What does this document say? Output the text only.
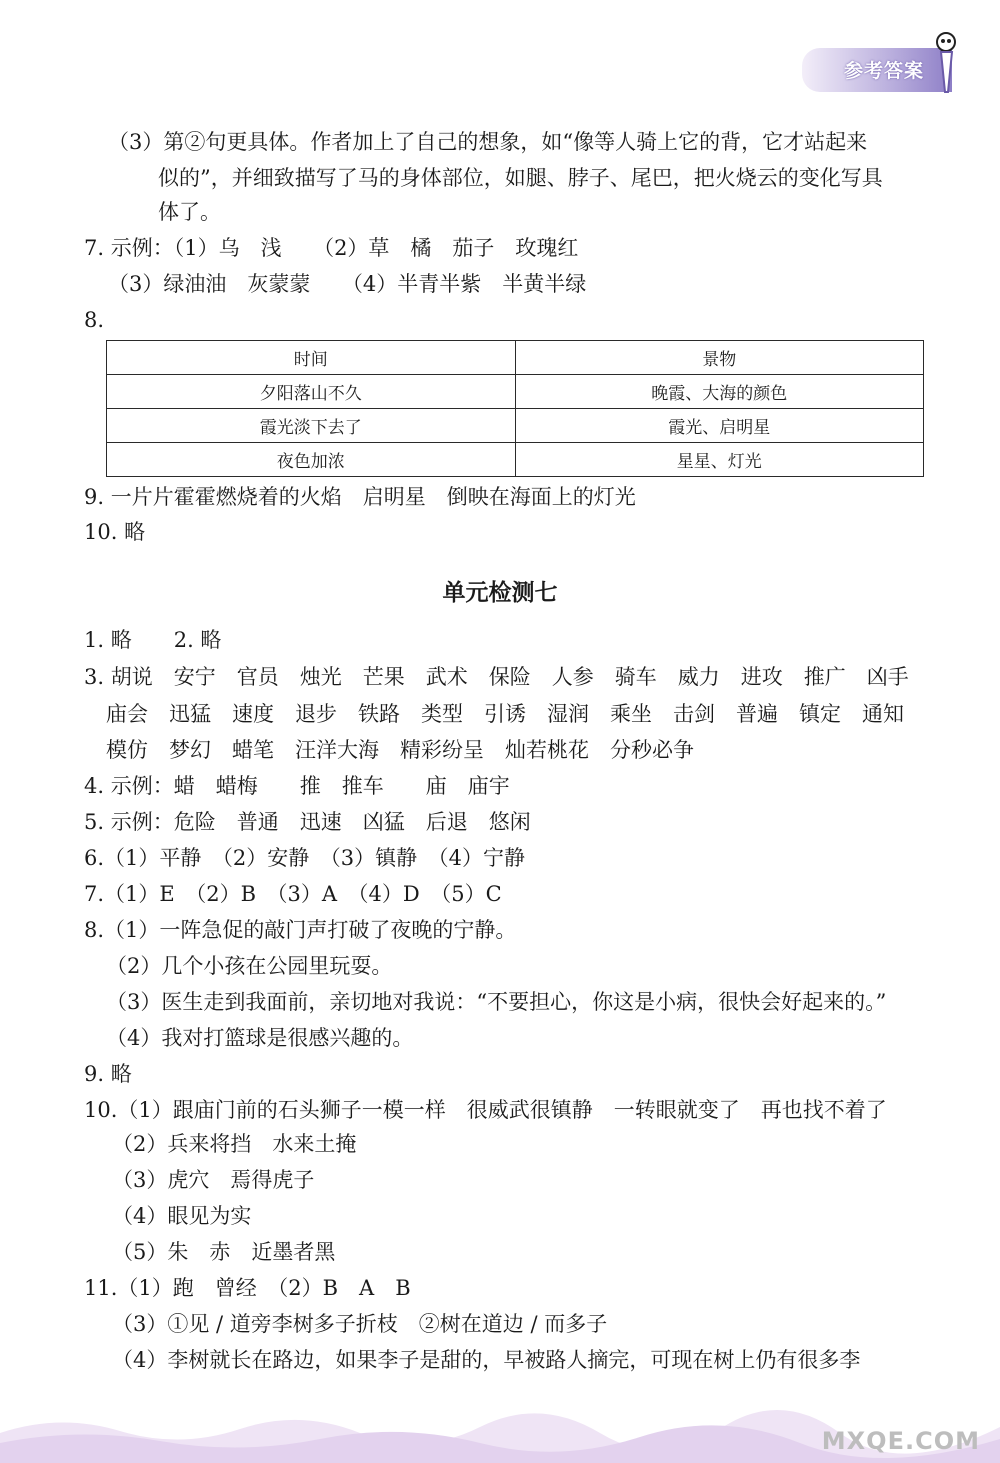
参考答案
（3）第②句更具体。作者加上了自己的想象，如“像等人骑上它的背，它才站起来
似的”，并细致描写了马的身体部位，如腿、脖子、尾巴，把火烧云的变化写具
体了。
7. 示例：（1）乌　浅　　（2）草　橘　茄子　玫瑰红
（3）绿油油　灰蒙蒙　　（4）半青半紫　半黄半绿
8.
时间	景物
夕阳落山不久	晚霞、大海的颜色
霞光淡下去了	霞光、启明星
夜色加浓	星星、灯光
9. 一片片霍霍燃烧着的火焰　启明星　倒映在海面上的灯光
10. 略
单元检测七
1. 略　　2. 略
3. 胡说　安宁　官员　烛光　芒果　武术　保险　人参　骑车　威力　进攻　推广　凶手
庙会　迅猛　速度　退步　铁路　类型　引诱　湿润　乘坐　击剑　普遍　镇定　通知
模仿　梦幻　蜡笔　汪洋大海　精彩纷呈　灿若桃花　分秒必争
4. 示例：蜡　蜡梅　　推　推车　　庙　庙宇
5. 示例：危险　普通　迅速　凶猛　后退　悠闲
6.（1）平静　（2）安静　（3）镇静　（4）宁静
7.（1）E　（2）B　（3）A　（4）D　（5）C
8.（1）一阵急促的敲门声打破了夜晚的宁静。
（2）几个小孩在公园里玩耍。
（3）医生走到我面前，亲切地对我说：“不要担心，你这是小病，很快会好起来的。”
（4）我对打篮球是很感兴趣的。
9. 略
10.（1）跟庙门前的石头狮子一模一样　很威武很镇静　一转眼就变了　再也找不着了
（2）兵来将挡　水来土掩
（3）虎穴　焉得虎子
（4）眼见为实
（5）朱　赤　近墨者黑
11.（1）跑　曾经　（2）B　A　B
（3）①见 / 道旁李树多子折枝　②树在道边 / 而多子
（4）李树就长在路边，如果李子是甜的，早被路人摘完，可现在树上仍有很多李
MXQE.COM
